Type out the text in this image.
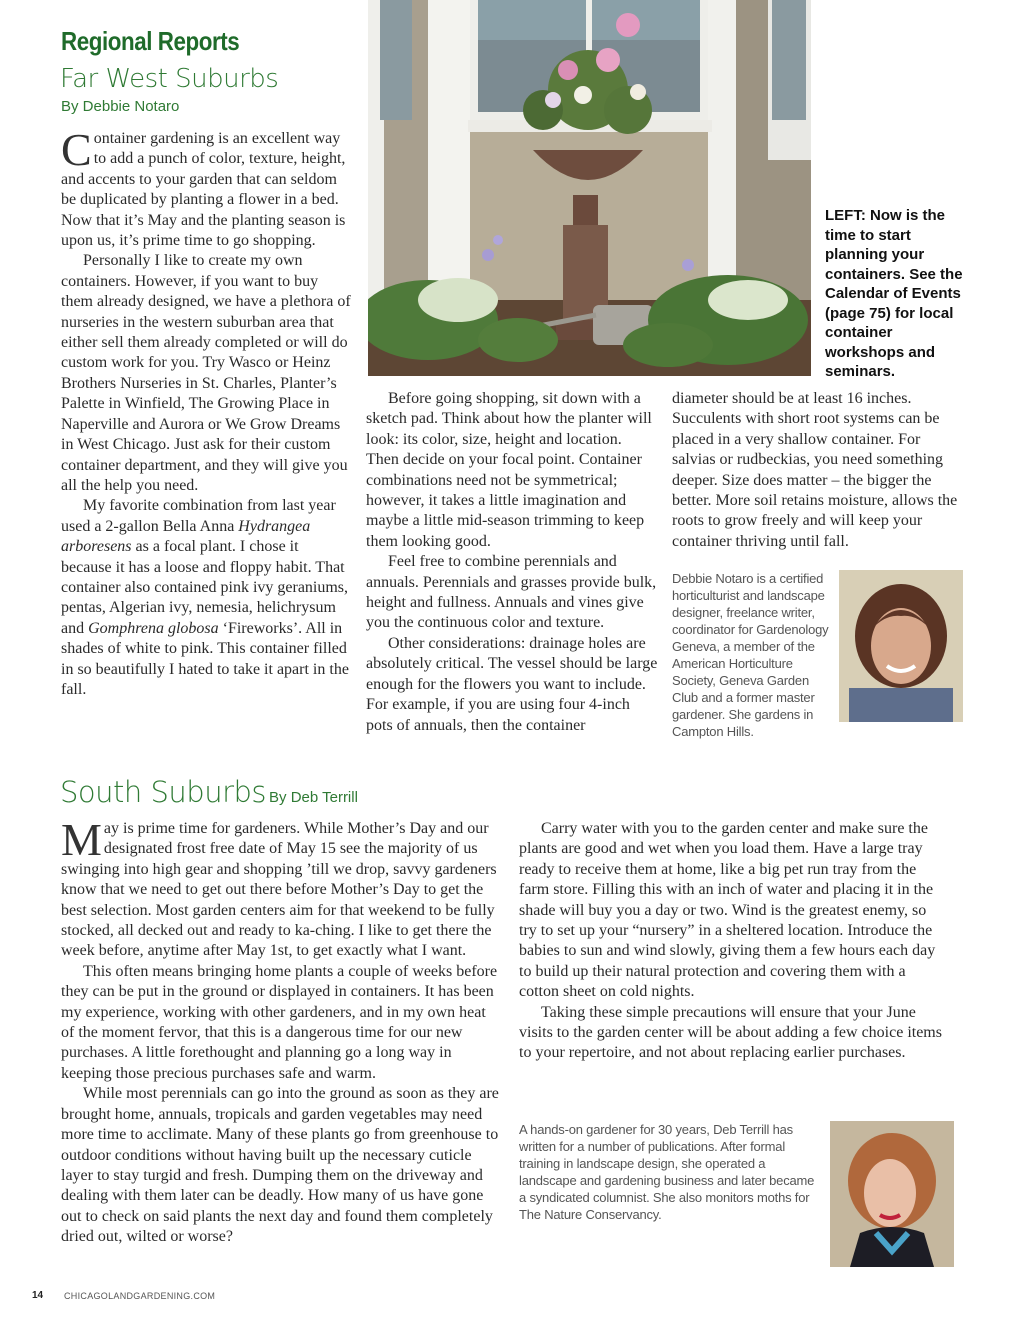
Regional Reports
Far West Suburbs
By Debbie Notaro
LEFT: Now is the time to start planning your containers. See the Calendar of Events (page 75) for local container workshops and seminars.

Container gardening is an excellent way to add a punch of color, texture, height, and accents to your garden that can seldom be duplicated by planting a flower in a bed. Now that it’s May and the planting season is upon us, it’s prime time to go shopping.

Personally I like to create my own containers. However, if you want to buy them already designed, we have a plethora of nurseries in the western suburban area that either sell them already completed or will do custom work for you. Try Wasco or Heinz Brothers Nurseries in St. Charles, Planter’s Palette in Winfield, The Growing Place in Naperville and Aurora or We Grow Dreams in West Chicago. Just ask for their custom container department, and they will give you all the help you need.

My favorite combination from last year used a 2-gallon Bella Anna Hydrangea arboresens as a focal plant. I chose it because it has a loose and floppy habit. That container also contained pink ivy geraniums, pentas, Algerian ivy, nemesia, helichrysum and Gomphrena globosa ‘Fireworks’. All in shades of white to pink. This container filled in so beautifully I hated to take it apart in the fall.

Before going shopping, sit down with a sketch pad. Think about how the planter will look: its color, size, height and location. Then decide on your focal point. Container combinations need not be symmetrical; however, it takes a little imagination and maybe a little mid-season trimming to keep them looking good.

Feel free to combine perennials and annuals. Perennials and grasses provide bulk, height and fullness. Annuals and vines give you the continuous color and texture.

Other considerations: drainage holes are absolutely critical. The vessel should be large enough for the flowers you want to include. For example, if you are using four 4-inch pots of annuals, then the container

diameter should be at least 16 inches. Succulents with short root systems can be placed in a very shallow container. For salvias or rudbeckias, you need something deeper. Size does matter – the bigger the better. More soil retains moisture, allows the roots to grow freely and will keep your container thriving until fall.

Debbie Notaro is a certified horticulturist and landscape designer, freelance writer, coordinator for Gardenology Geneva, a member of the American Horticulture Society, Geneva Garden Club and a former master gardener. She gardens in Campton Hills.
South Suburbs By Deb Terrill

May is prime time for gardeners. While Mother’s Day and our designated frost free date of May 15 see the majority of us swinging into high gear and shopping ’till we drop, savvy gardeners know that we need to get out there before Mother’s Day to get the best selection. Most garden centers aim for that weekend to be fully stocked, all decked out and ready to ka-ching. I like to get there the week before, anytime after May 1st, to get exactly what I want.

This often means bringing home plants a couple of weeks before they can be put in the ground or displayed in containers. It has been my experience, working with other gardeners, and in my own heat of the moment fervor, that this is a dangerous time for our new purchases. A little forethought and planning go a long way in keeping those precious purchases safe and warm.

While most perennials can go into the ground as soon as they are brought home, annuals, tropicals and garden vegetables may need more time to acclimate. Many of these plants go from greenhouse to outdoor conditions without having built up the necessary cuticle layer to stay turgid and fresh. Dumping them on the driveway and dealing with them later can be deadly. How many of us have gone out to check on said plants the next day and found them completely dried out, wilted or worse?

Carry water with you to the garden center and make sure the plants are good and wet when you load them. Have a large tray ready to receive them at home, like a big pet run tray from the farm store. Filling this with an inch of water and placing it in the shade will buy you a day or two. Wind is the greatest enemy, so try to set up your “nursery” in a sheltered location. Introduce the babies to sun and wind slowly, giving them a few hours each day to build up their natural protection and covering them with a cotton sheet on cold nights.

Taking these simple precautions will ensure that your June visits to the garden center will be about adding a few choice items to your repertoire, and not about replacing earlier purchases.

A hands-on gardener for 30 years, Deb Terrill has written for a number of publications. After formal training in landscape design, she operated a landscape and gardening business and later became a syndicated columnist. She also monitors moths for The Nature Conservancy.
14 CHICAGOLANDGARDENING.COM
